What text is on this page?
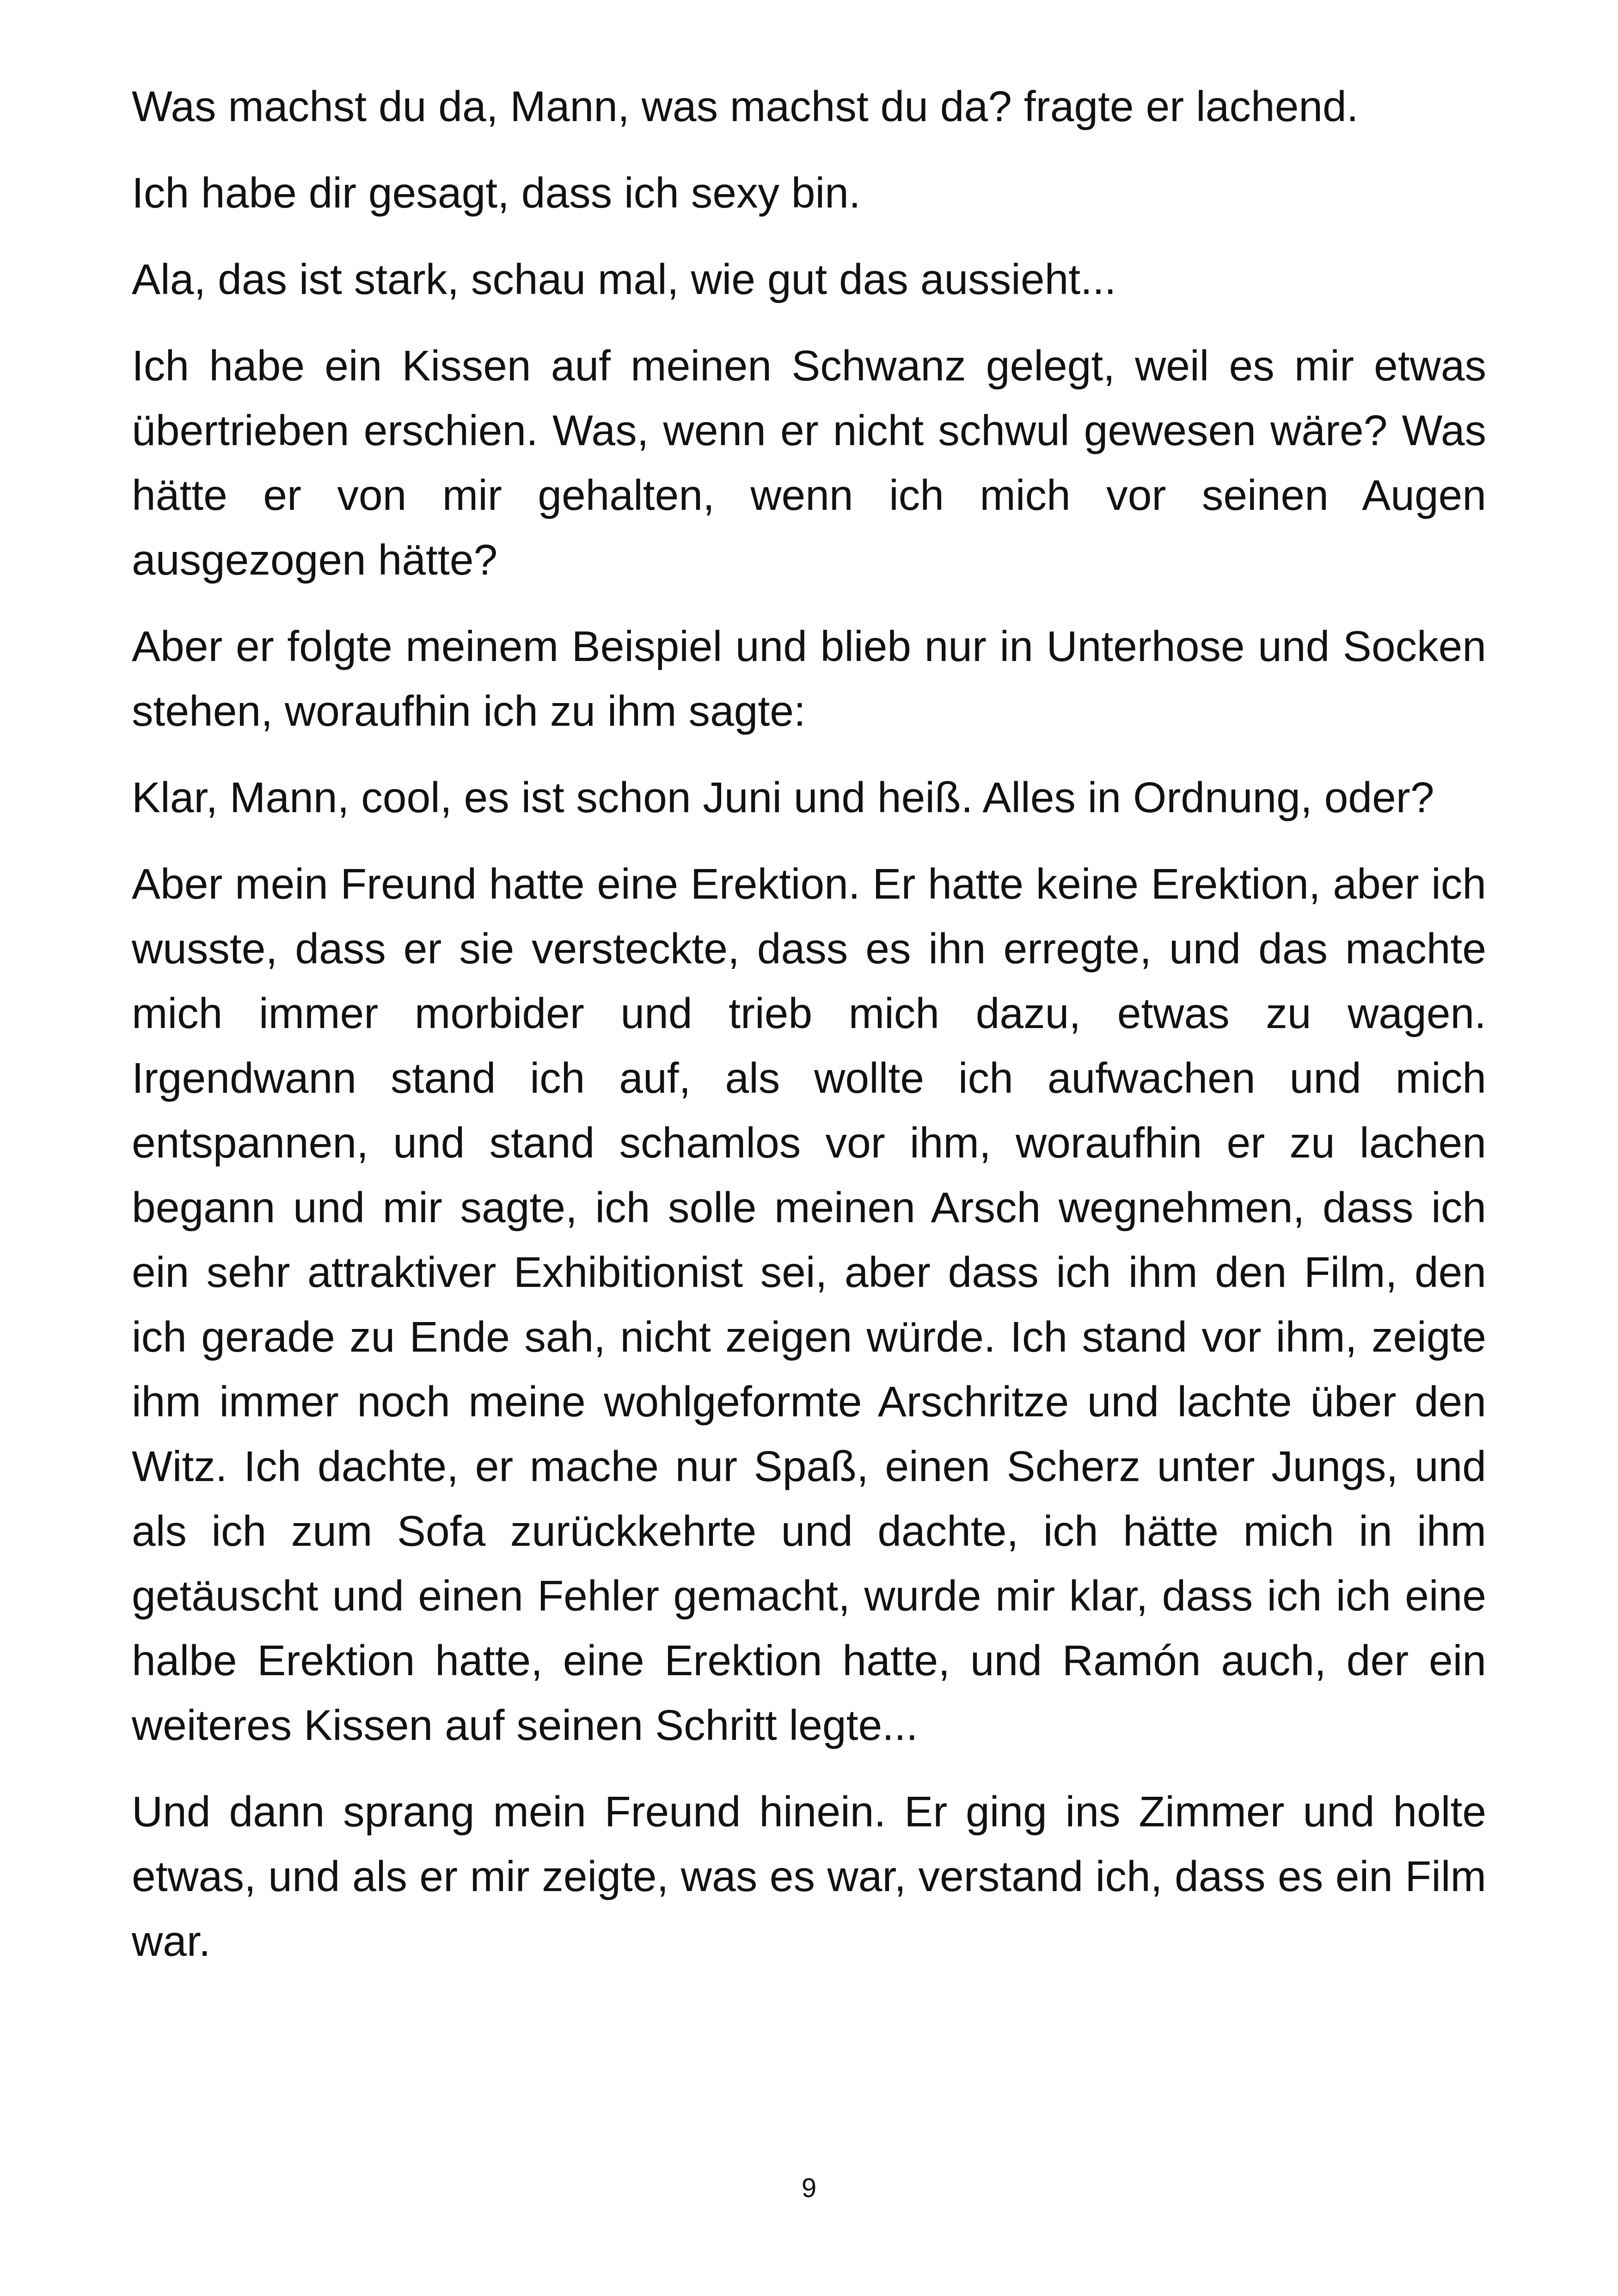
Was machst du da, Mann, was machst du da? fragte er lachend.

Ich habe dir gesagt, dass ich sexy bin.

Ala, das ist stark, schau mal, wie gut das aussieht...

Ich habe ein Kissen auf meinen Schwanz gelegt, weil es mir etwas übertrieben erschien. Was, wenn er nicht schwul gewesen wäre? Was hätte er von mir gehalten, wenn ich mich vor seinen Augen ausgezogen hätte?

Aber er folgte meinem Beispiel und blieb nur in Unterhose und Socken stehen, woraufhin ich zu ihm sagte:

Klar, Mann, cool, es ist schon Juni und heiß. Alles in Ordnung, oder?

Aber mein Freund hatte eine Erektion. Er hatte keine Erektion, aber ich wusste, dass er sie versteckte, dass es ihn erregte, und das machte mich immer morbider und trieb mich dazu, etwas zu wagen. Irgendwann stand ich auf, als wollte ich aufwachen und mich entspannen, und stand schamlos vor ihm, woraufhin er zu lachen begann und mir sagte, ich solle meinen Arsch wegnehmen, dass ich ein sehr attraktiver Exhibitionist sei, aber dass ich ihm den Film, den ich gerade zu Ende sah, nicht zeigen würde. Ich stand vor ihm, zeigte ihm immer noch meine wohlgeformte Arschritze und lachte über den Witz. Ich dachte, er mache nur Spaß, einen Scherz unter Jungs, und als ich zum Sofa zurückkehrte und dachte, ich hätte mich in ihm getäuscht und einen Fehler gemacht, wurde mir klar, dass ich ich eine halbe Erektion hatte, eine Erektion hatte, und Ramón auch, der ein weiteres Kissen auf seinen Schritt legte...

Und dann sprang mein Freund hinein. Er ging ins Zimmer und holte etwas, und als er mir zeigte, was es war, verstand ich, dass es ein Film war.

9
